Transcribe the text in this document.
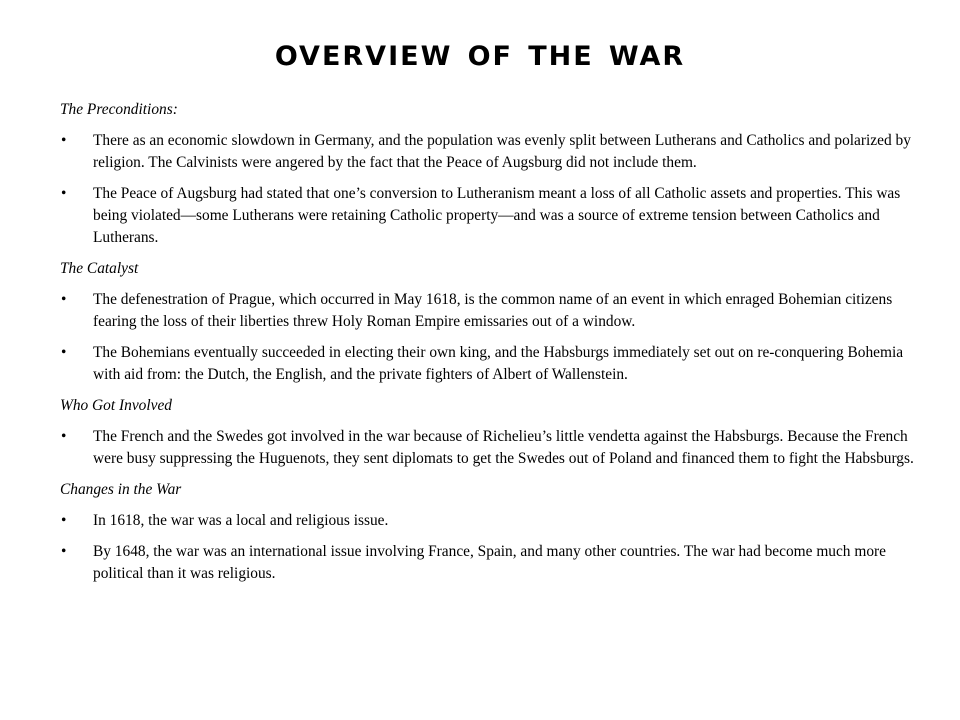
overview of the war
The Preconditions:
• There as an economic slowdown in Germany, and the population was evenly split between Lutherans and Catholics and polarized by religion. The Calvinists were angered by the fact that the Peace of Augsburg did not include them.
• The Peace of Augsburg had stated that one’s conversion to Lutheranism meant a loss of all Catholic assets and properties. This was being violated—some Lutherans were retaining Catholic property—and was a source of extreme tension between Catholics and Lutherans.
The Catalyst
• The defenestration of Prague, which occurred in May 1618, is the common name of an event in which enraged Bohemian citizens fearing the loss of their liberties threw Holy Roman Empire emissaries out of a window.
• The Bohemians eventually succeeded in electing their own king, and the Habsburgs immediately set out on re-conquering Bohemia with aid from: the Dutch, the English, and the private fighters of Albert of Wallenstein.
Who Got Involved
• The French and the Swedes got involved in the war because of Richelieu’s little vendetta against the Habsburgs. Because the French were busy suppressing the Huguenots, they sent diplomats to get the Swedes out of Poland and financed them to fight the Habsburgs.
Changes in the War
• In 1618, the war was a local and religious issue.
• By 1648, the war was an international issue involving France, Spain, and many other countries. The war had become much more political than it was religious.
